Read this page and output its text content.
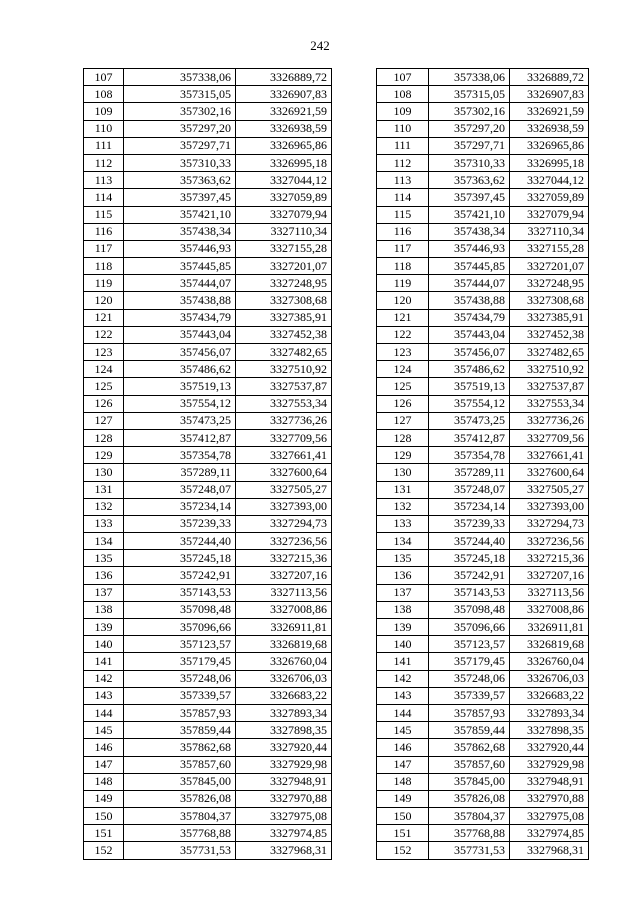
242
107	357338,06	3326889,72
108	357315,05	3326907,83
109	357302,16	3326921,59
110	357297,20	3326938,59
111	357297,71	3326965,86
112	357310,33	3326995,18
113	357363,62	3327044,12
114	357397,45	3327059,89
115	357421,10	3327079,94
116	357438,34	3327110,34
117	357446,93	3327155,28
118	357445,85	3327201,07
119	357444,07	3327248,95
120	357438,88	3327308,68
121	357434,79	3327385,91
122	357443,04	3327452,38
123	357456,07	3327482,65
124	357486,62	3327510,92
125	357519,13	3327537,87
126	357554,12	3327553,34
127	357473,25	3327736,26
128	357412,87	3327709,56
129	357354,78	3327661,41
130	357289,11	3327600,64
131	357248,07	3327505,27
132	357234,14	3327393,00
133	357239,33	3327294,73
134	357244,40	3327236,56
135	357245,18	3327215,36
136	357242,91	3327207,16
137	357143,53	3327113,56
138	357098,48	3327008,86
139	357096,66	3326911,81
140	357123,57	3326819,68
141	357179,45	3326760,04
142	357248,06	3326706,03
143	357339,57	3326683,22
144	357857,93	3327893,34
145	357859,44	3327898,35
146	357862,68	3327920,44
147	357857,60	3327929,98
148	357845,00	3327948,91
149	357826,08	3327970,88
150	357804,37	3327975,08
151	357768,88	3327974,85
152	357731,53	3327968,31
107	357338,06	3326889,72
108	357315,05	3326907,83
109	357302,16	3326921,59
110	357297,20	3326938,59
111	357297,71	3326965,86
112	357310,33	3326995,18
113	357363,62	3327044,12
114	357397,45	3327059,89
115	357421,10	3327079,94
116	357438,34	3327110,34
117	357446,93	3327155,28
118	357445,85	3327201,07
119	357444,07	3327248,95
120	357438,88	3327308,68
121	357434,79	3327385,91
122	357443,04	3327452,38
123	357456,07	3327482,65
124	357486,62	3327510,92
125	357519,13	3327537,87
126	357554,12	3327553,34
127	357473,25	3327736,26
128	357412,87	3327709,56
129	357354,78	3327661,41
130	357289,11	3327600,64
131	357248,07	3327505,27
132	357234,14	3327393,00
133	357239,33	3327294,73
134	357244,40	3327236,56
135	357245,18	3327215,36
136	357242,91	3327207,16
137	357143,53	3327113,56
138	357098,48	3327008,86
139	357096,66	3326911,81
140	357123,57	3326819,68
141	357179,45	3326760,04
142	357248,06	3326706,03
143	357339,57	3326683,22
144	357857,93	3327893,34
145	357859,44	3327898,35
146	357862,68	3327920,44
147	357857,60	3327929,98
148	357845,00	3327948,91
149	357826,08	3327970,88
150	357804,37	3327975,08
151	357768,88	3327974,85
152	357731,53	3327968,31
